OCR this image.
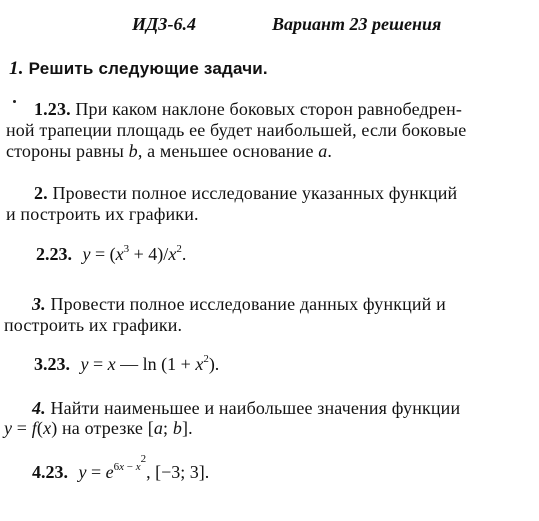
ИДЗ-6.4	Вариант 23 решения
1. Решить следующие задачи.
1.23. При каком наклоне боковых сторон равнобедрен-
ной трапеции площадь ее будет наибольшей, если боковые
стороны равны b, а меньшее основание a.
2. Провести полное исследование указанных функций
и построить их графики.
2.23. $y = (x^3 + 4)/x^2$.
3. Провести полное исследование данных функций и
построить их графики.
3.23. y = x — $\ln (1 + x^2)$.
4. Найти наименьшее и наибольшее значения функции
y = f(x) на отрезке [a; b].
4.23. $y = e^{6x - x^2}$, [−3; 3].
